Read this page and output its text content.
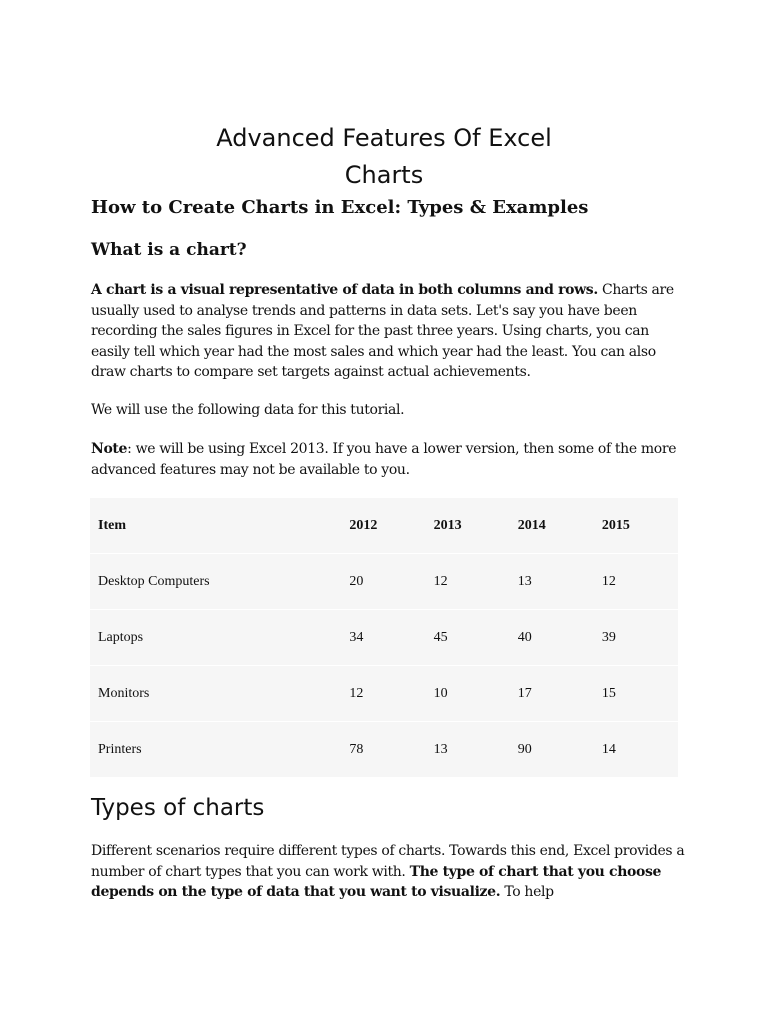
Advanced Features Of Excel
Charts
How to Create Charts in Excel: Types & Examples
What is a chart?

A chart is a visual representative of data in both columns and rows. Charts are usually used to analyse trends and patterns in data sets. Let's say you have been recording the sales figures in Excel for the past three years. Using charts, you can easily tell which year had the most sales and which year had the least. You can also draw charts to compare set targets against actual achievements.

We will use the following data for this tutorial.

Note: we will be using Excel 2013. If you have a lower version, then some of the more advanced features may not be available to you.

Item	2012	2013	2014	2015
Desktop Computers	20	12	13	12
Laptops	34	45	40	39
Monitors	12	10	17	15
Printers	78	13	90	14
Types of charts

Different scenarios require different types of charts. Towards this end, Excel provides a number of chart types that you can work with. The type of chart that you choose depends on the type of data that you want to visualize. To help
